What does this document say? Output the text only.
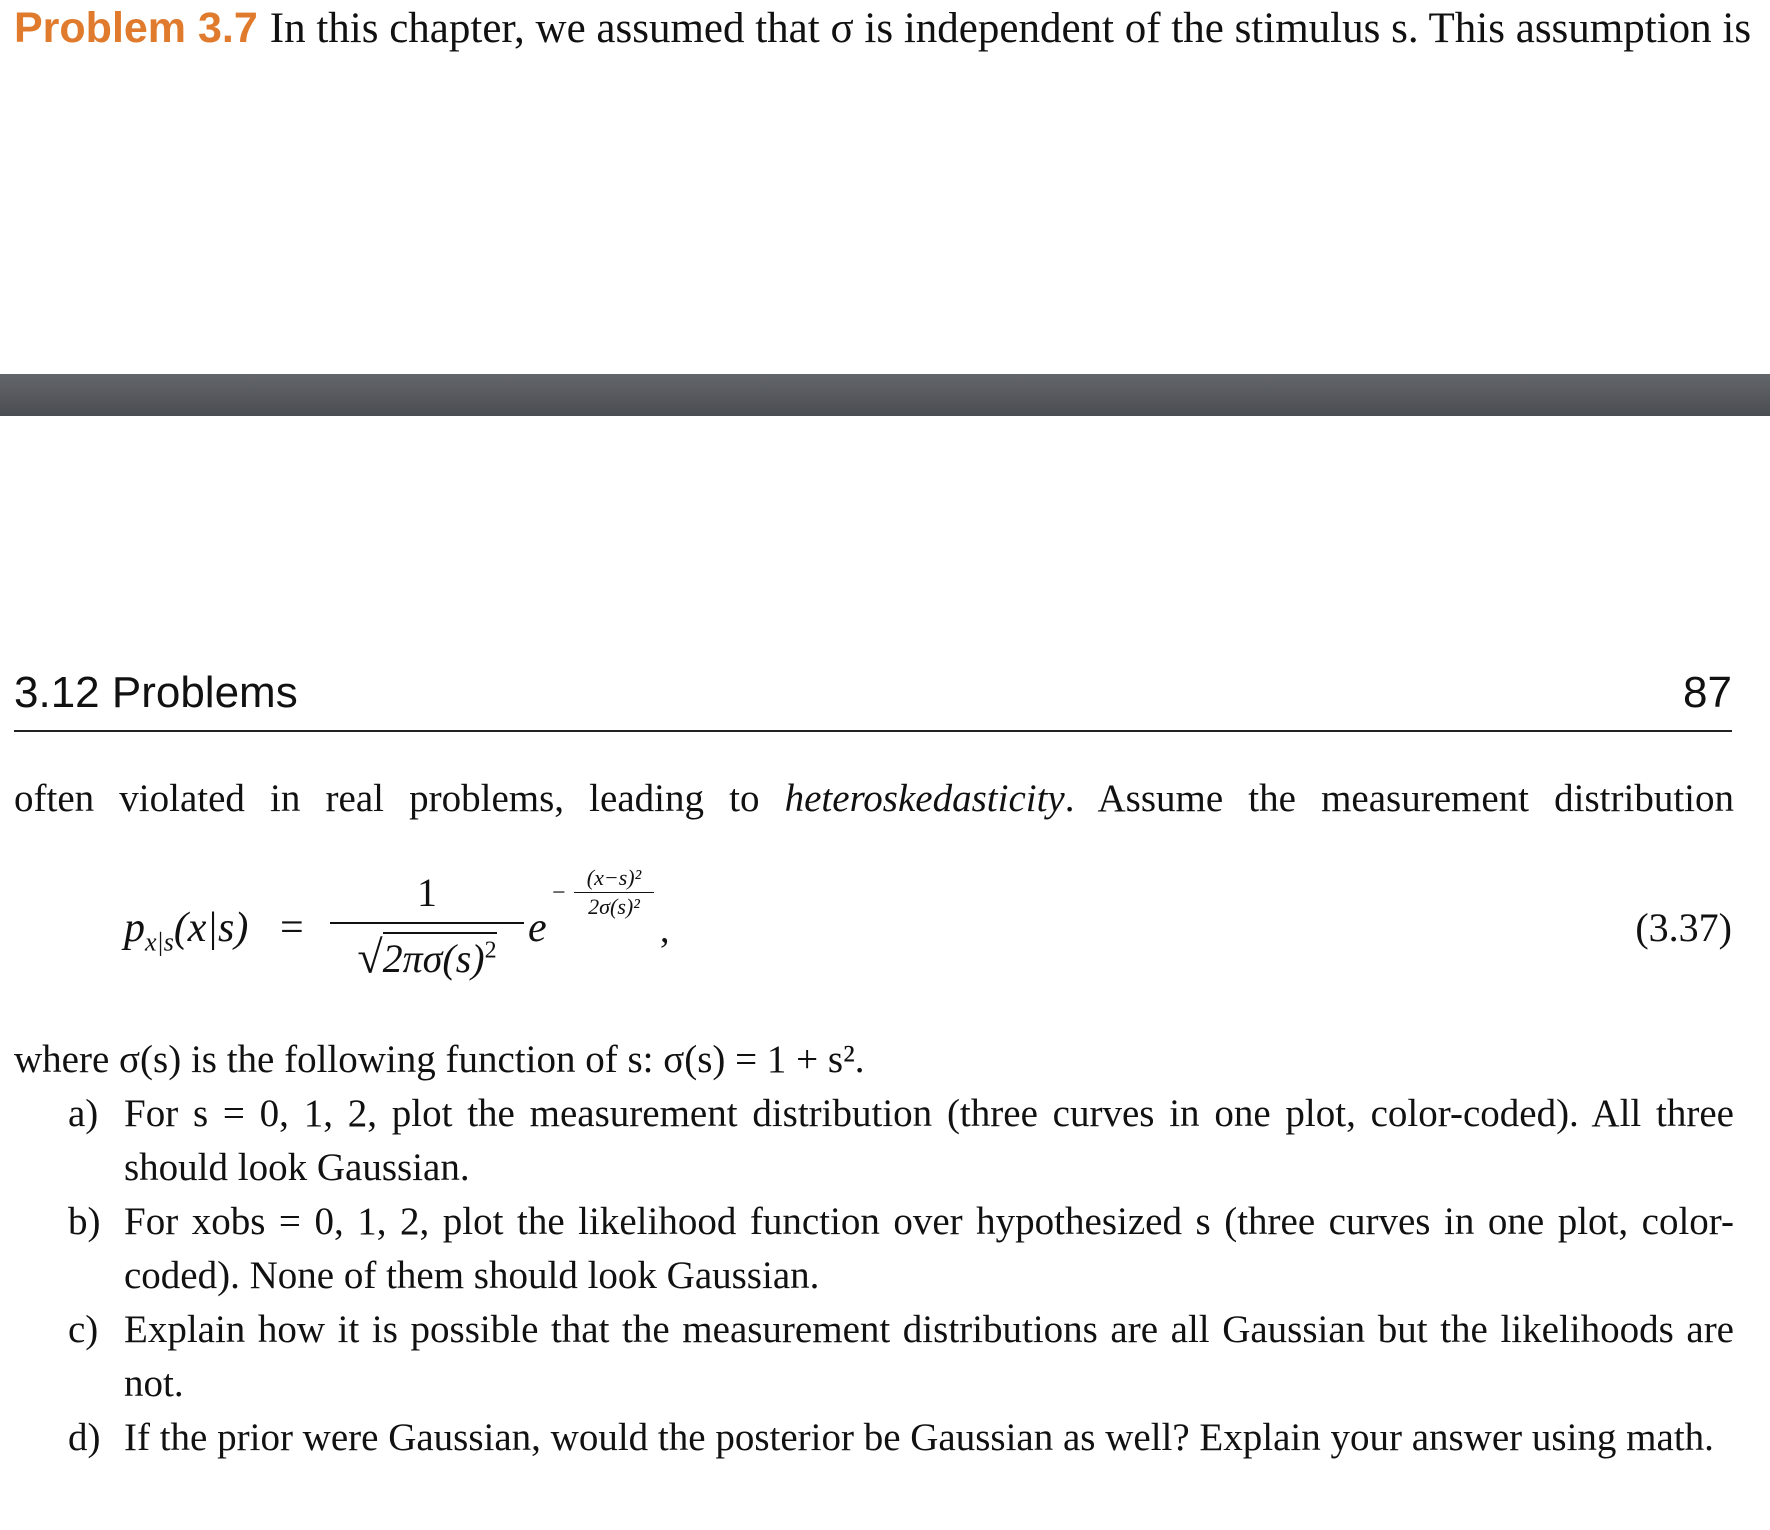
Problem 3.7 In this chapter, we assumed that σ is independent of the stimulus s. This assumption is
3.12 Problems	87
often violated in real problems, leading to heteroskedasticity. Assume the measurement distribution
$p_{x|s}(x|s)$ =
1
$√2\pi\sigma(s)^2$ e
−
(x−s)²
2σ(s)²
,	(3.37)
where σ(s) is the following function of s: σ(s) = 1 + s².
a) For s = 0, 1, 2, plot the measurement distribution (three curves in one plot, color-coded). All three should look Gaussian.
b) For xobs = 0, 1, 2, plot the likelihood function over hypothesized s (three curves in one plot, color-coded). None of them should look Gaussian.
c) Explain how it is possible that the measurement distributions are all Gaussian but the likelihoods are not.
d) If the prior were Gaussian, would the posterior be Gaussian as well? Explain your answer using math.
